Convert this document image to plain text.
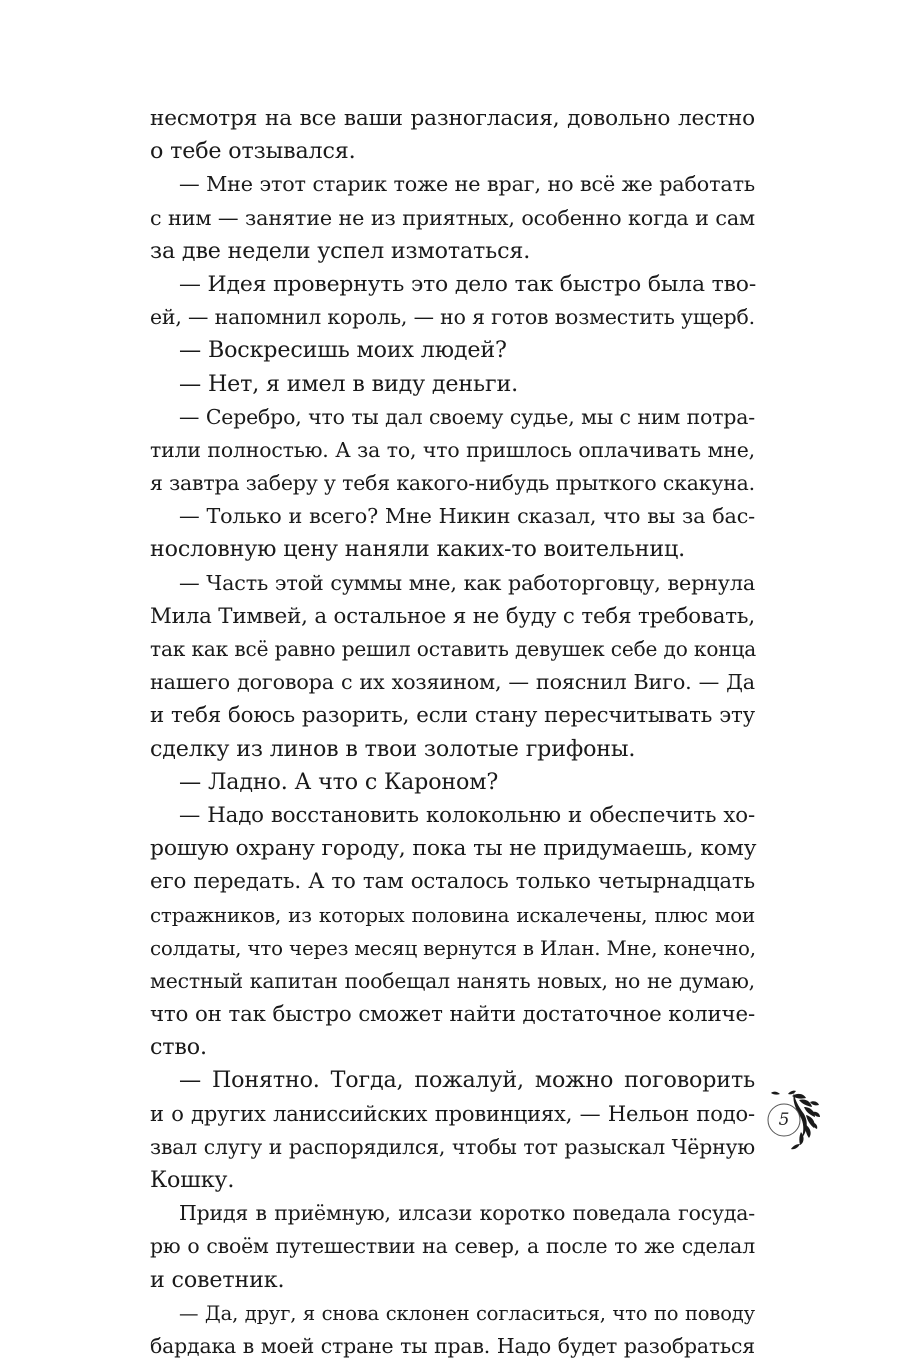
несмотря на все ваши разногласия, довольно лестно
о тебе отзывался.
— Мне этот старик тоже не враг, но всё же работать
с ним — занятие не из приятных, особенно когда и сам
за две недели успел измотаться.
— Идея провернуть это дело так быстро была тво-
ей, — напомнил король, — но я готов возместить ущерб.
— Воскресишь моих людей?
— Нет, я имел в виду деньги.
— Серебро, что ты дал своему судье, мы с ним потра-
тили полностью. А за то, что пришлось оплачивать мне,
я завтра заберу у тебя какого-нибудь прыткого скакуна.
— Только и всего? Мне Никин сказал, что вы за бас-
нословную цену наняли каких-то воительниц.
— Часть этой суммы мне, как работорговцу, вернула
Мила Тимвей, а остальное я не буду с тебя требовать,
так как всё равно решил оставить девушек себе до конца
нашего договора с их хозяином, — пояснил Виго. — Да
и тебя боюсь разорить, если стану пересчитывать эту
сделку из линов в твои золотые грифоны.
— Ладно. А что с Кароном?
— Надо восстановить колокольню и обеспечить хо-
рошую охрану городу, пока ты не придумаешь, кому
его передать. А то там осталось только четырнадцать
стражников, из которых половина искалечены, плюс мои
солдаты, что через месяц вернутся в Илан. Мне, конечно,
местный капитан пообещал нанять новых, но не думаю,
что он так быстро сможет найти достаточное количе-
ство.
— Понятно. Тогда, пожалуй, можно поговорить
и о других ланиссийских провинциях, — Нельон подо-
звал слугу и распорядился, чтобы тот разыскал Чёрную
Кошку.
Придя в приёмную, илсази коротко поведала госуда-
рю о своём путешествии на север, а после то же сделал
и советник.
— Да, друг, я снова склонен согласиться, что по поводу
бардака в моей стране ты прав. Надо будет разобраться
5
